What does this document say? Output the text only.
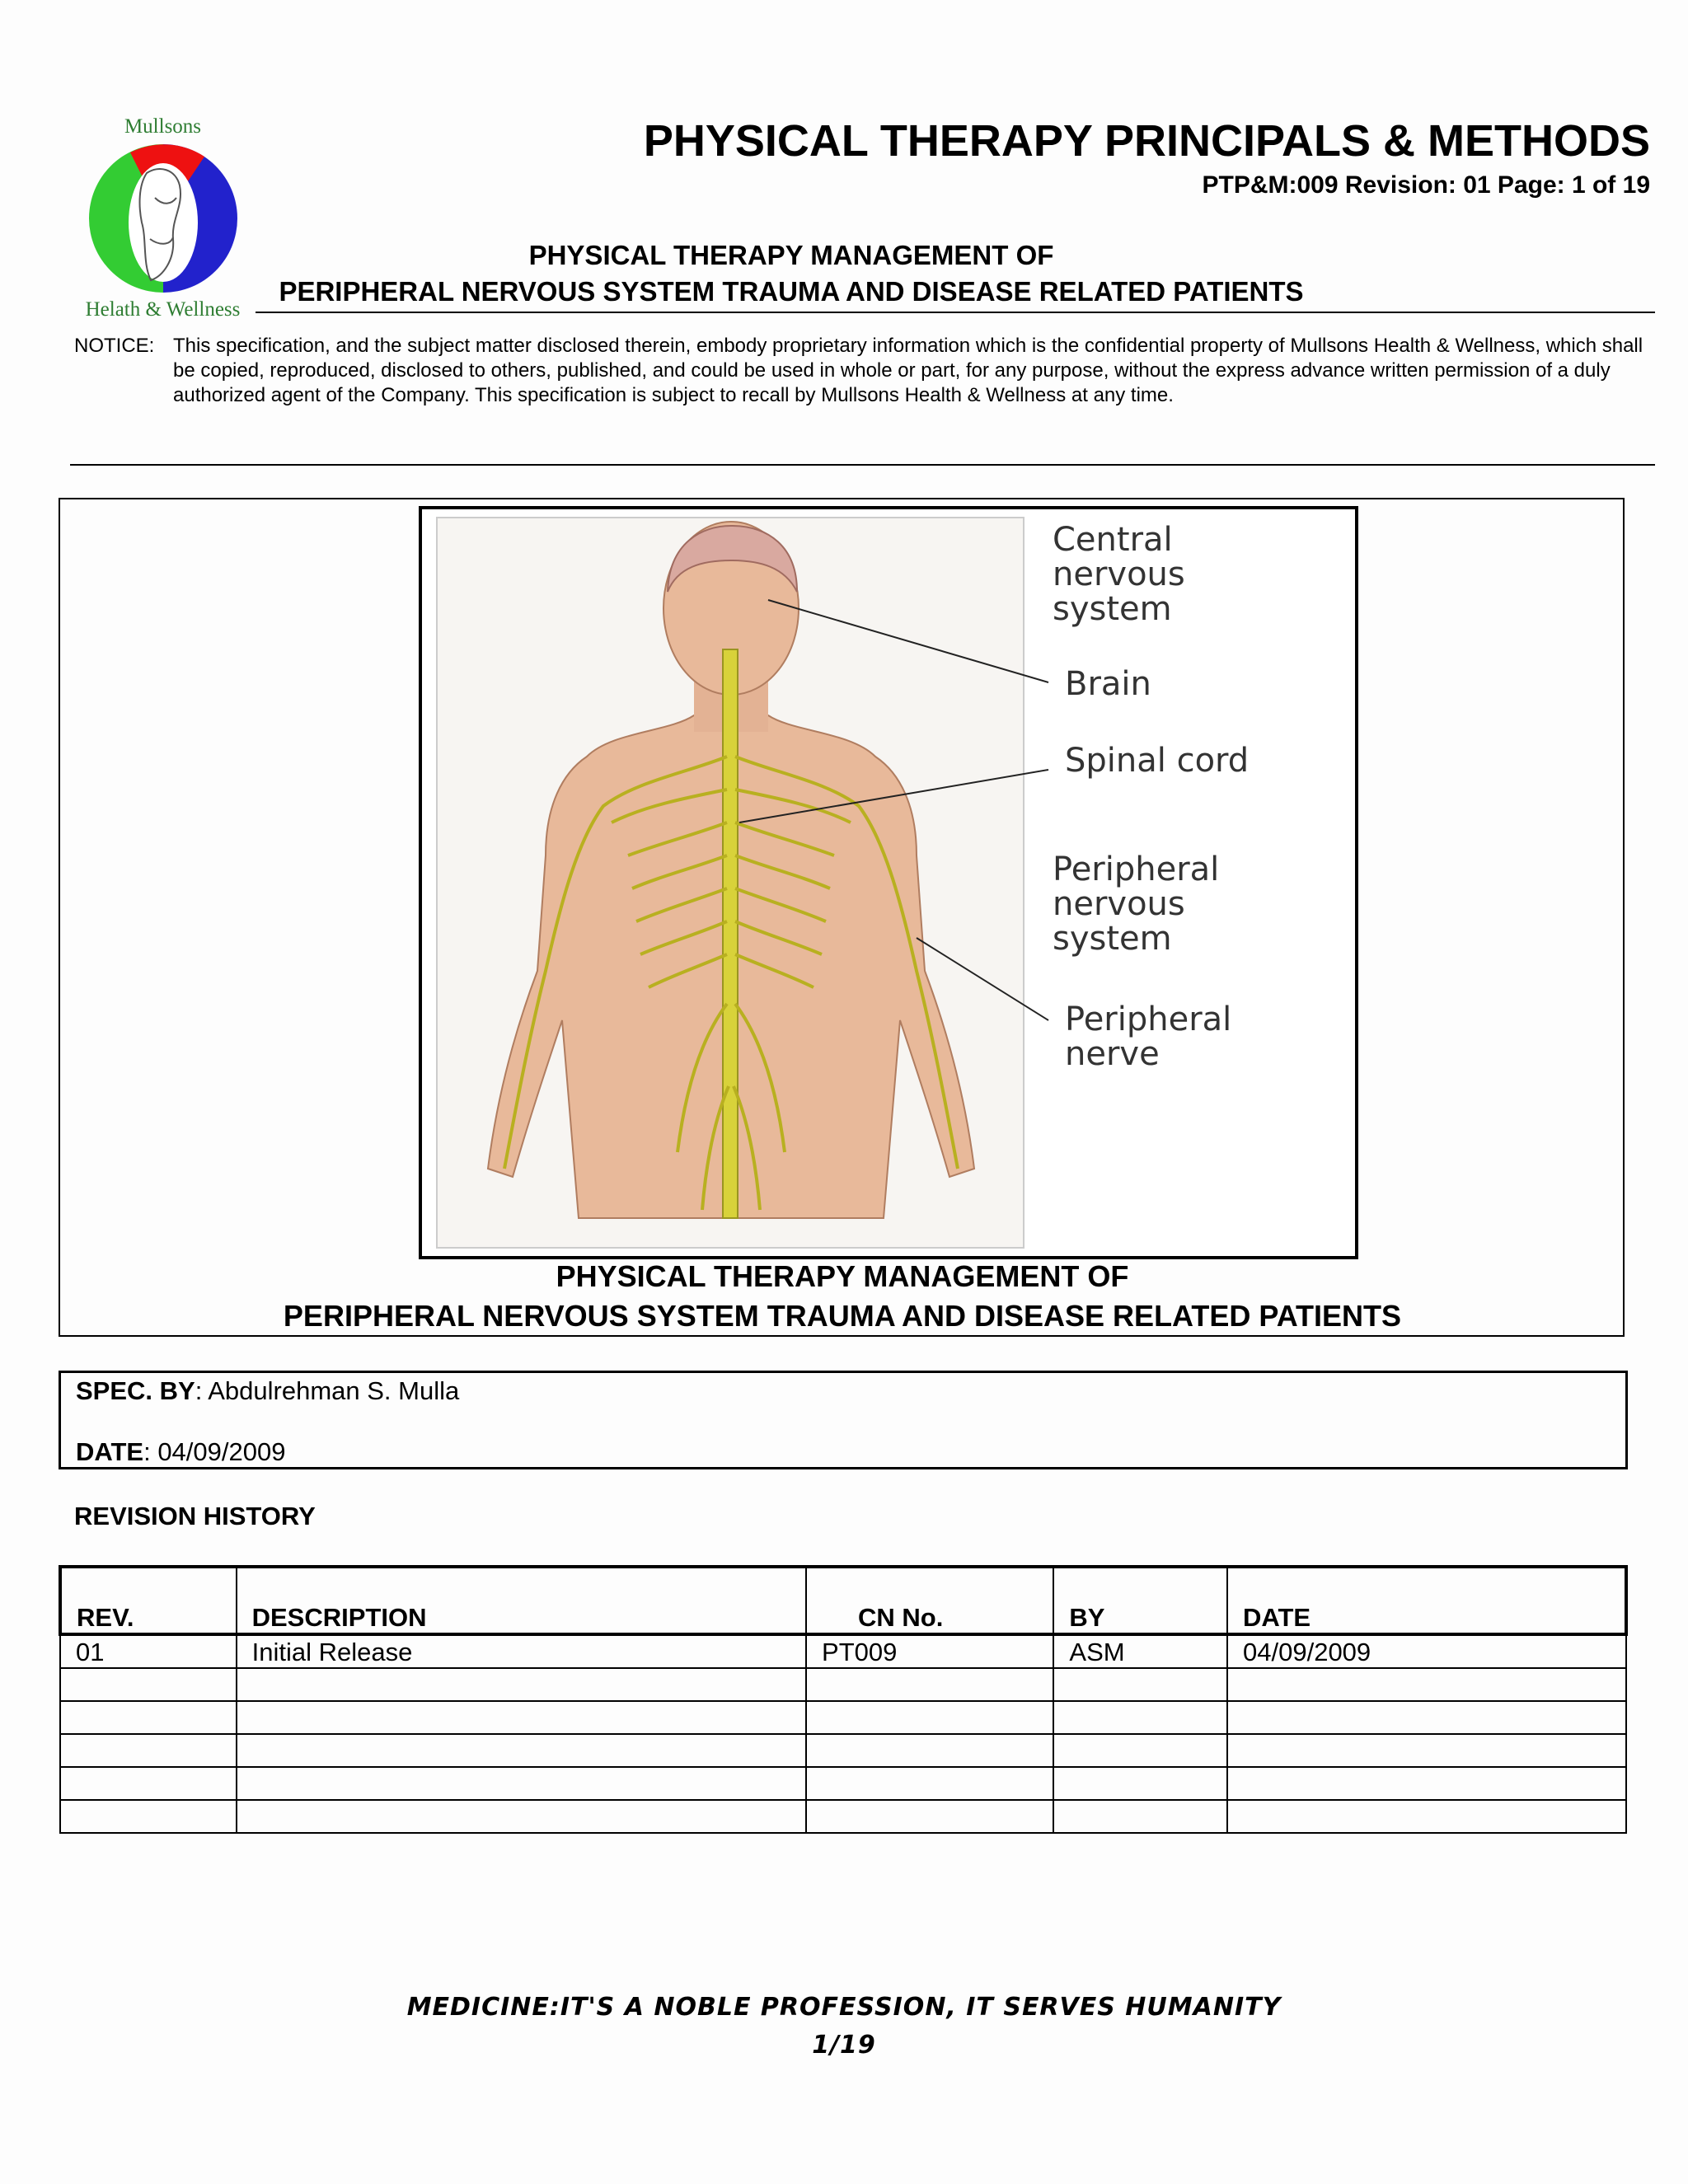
Mullsons
Helath & Wellness
PHYSICAL THERAPY PRINCIPALS & METHODS
PTP&M:009 Revision: 01 Page: 1 of 19
PHYSICAL THERAPY MANAGEMENT OF
PERIPHERAL NERVOUS SYSTEM TRAUMA AND DISEASE RELATED PATIENTS
NOTICE: This specification, and the subject matter disclosed therein, embody proprietary information which is the confidential property of Mullsons Health & Wellness, which shall be copied, reproduced, disclosed to others, published, and could be used in whole or part, for any purpose, without the express advance written permission of a duly authorized agent of the Company. This specification is subject to recall by Mullsons Health & Wellness at any time.
Central
nervous
system
Brain
Spinal cord
Peripheral
nervous
system
Peripheral
nerve
PHYSICAL THERAPY MANAGEMENT OF
PERIPHERAL NERVOUS SYSTEM TRAUMA AND DISEASE RELATED PATIENTS
SPEC. BY: Abdulrehman S. Mulla
DATE: 04/09/2009
REVISION HISTORY
REV.	DESCRIPTION	CN No.	BY	DATE
01	Initial Release	PT009	ASM	04/09/2009

MEDICINE:IT'S A NOBLE PROFESSION, IT SERVES HUMANITY
1/19
